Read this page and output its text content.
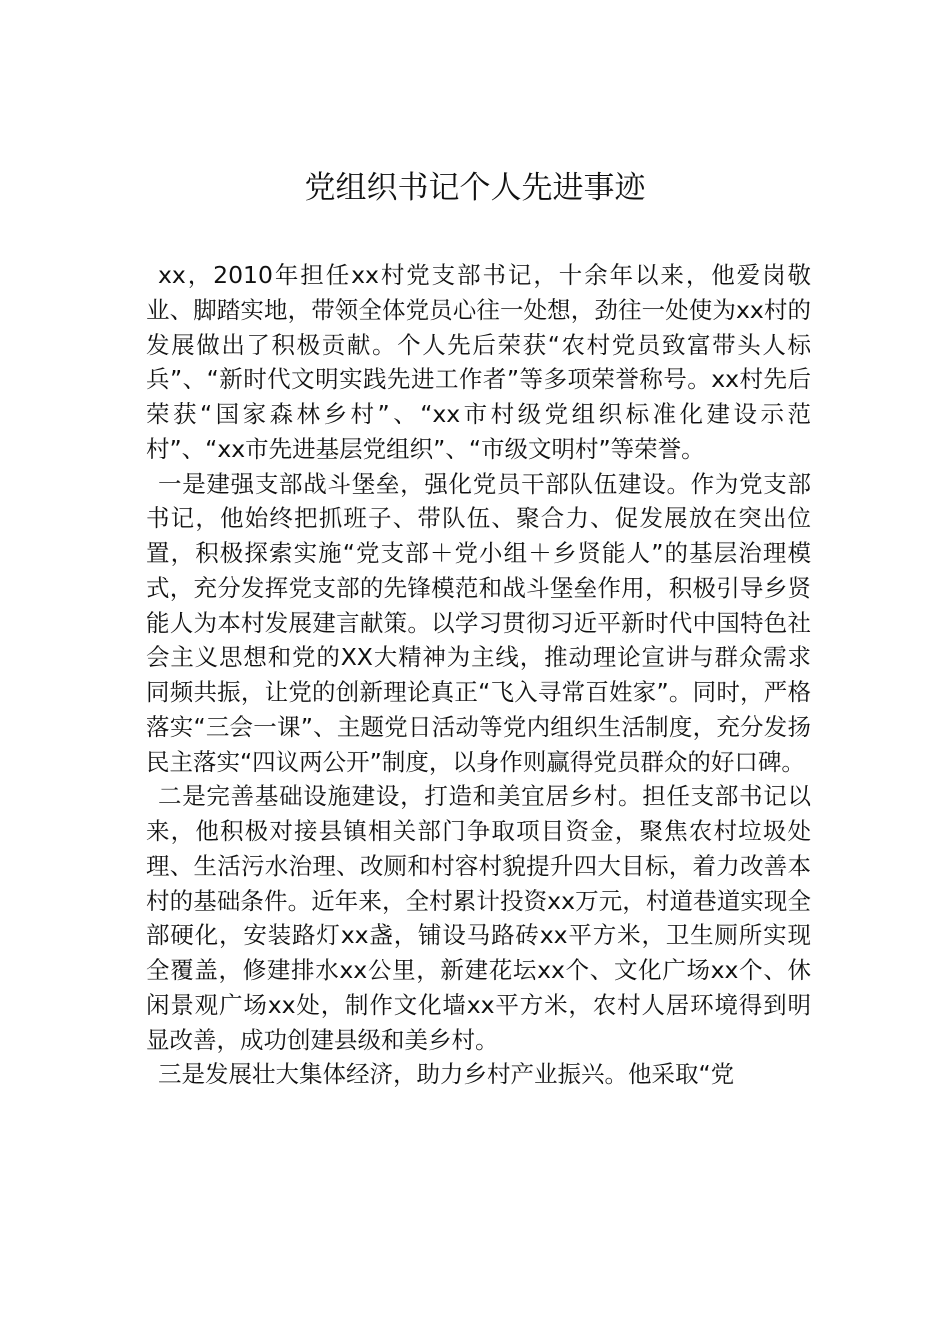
党组织书记个人先进事迹

xx，2010年担任xx村党支部书记，十余年以来，他爱岗敬业、脚踏实地，带领全体党员心往一处想，劲往一处使为xx村的发展做出了积极贡献。个人先后荣获“农村党员致富带头人标兵”、“新时代文明实践先进工作者”等多项荣誉称号。xx村先后荣获“国家森林乡村”、“xx市村级党组织标准化建设示范村”、“xx市先进基层党组织”、“市级文明村”等荣誉。

一是建强支部战斗堡垒，强化党员干部队伍建设。作为党支部书记，他始终把抓班子、带队伍、聚合力、促发展放在突出位置，积极探索实施“党支部＋党小组＋乡贤能人”的基层治理模式，充分发挥党支部的先锋模范和战斗堡垒作用，积极引导乡贤能人为本村发展建言献策。以学习贯彻习近平新时代中国特色社会主义思想和党的XX大精神为主线，推动理论宣讲与群众需求同频共振，让党的创新理论真正“飞入寻常百姓家”。同时，严格落实“三会一课”、主题党日活动等党内组织生活制度，充分发扬民主落实“四议两公开”制度，以身作则赢得党员群众的好口碑。

二是完善基础设施建设，打造和美宜居乡村。担任支部书记以来，他积极对接县镇相关部门争取项目资金，聚焦农村垃圾处理、生活污水治理、改厕和村容村貌提升四大目标，着力改善本村的基础条件。近年来，全村累计投资xx万元，村道巷道实现全部硬化，安装路灯xx盏，铺设马路砖xx平方米，卫生厕所实现全覆盖，修建排水xx公里，新建花坛xx个、文化广场xx个、休闲景观广场xx处，制作文化墙xx平方米，农村人居环境得到明显改善，成功创建县级和美乡村。

三是发展壮大集体经济，助力乡村产业振兴。他采取“党
